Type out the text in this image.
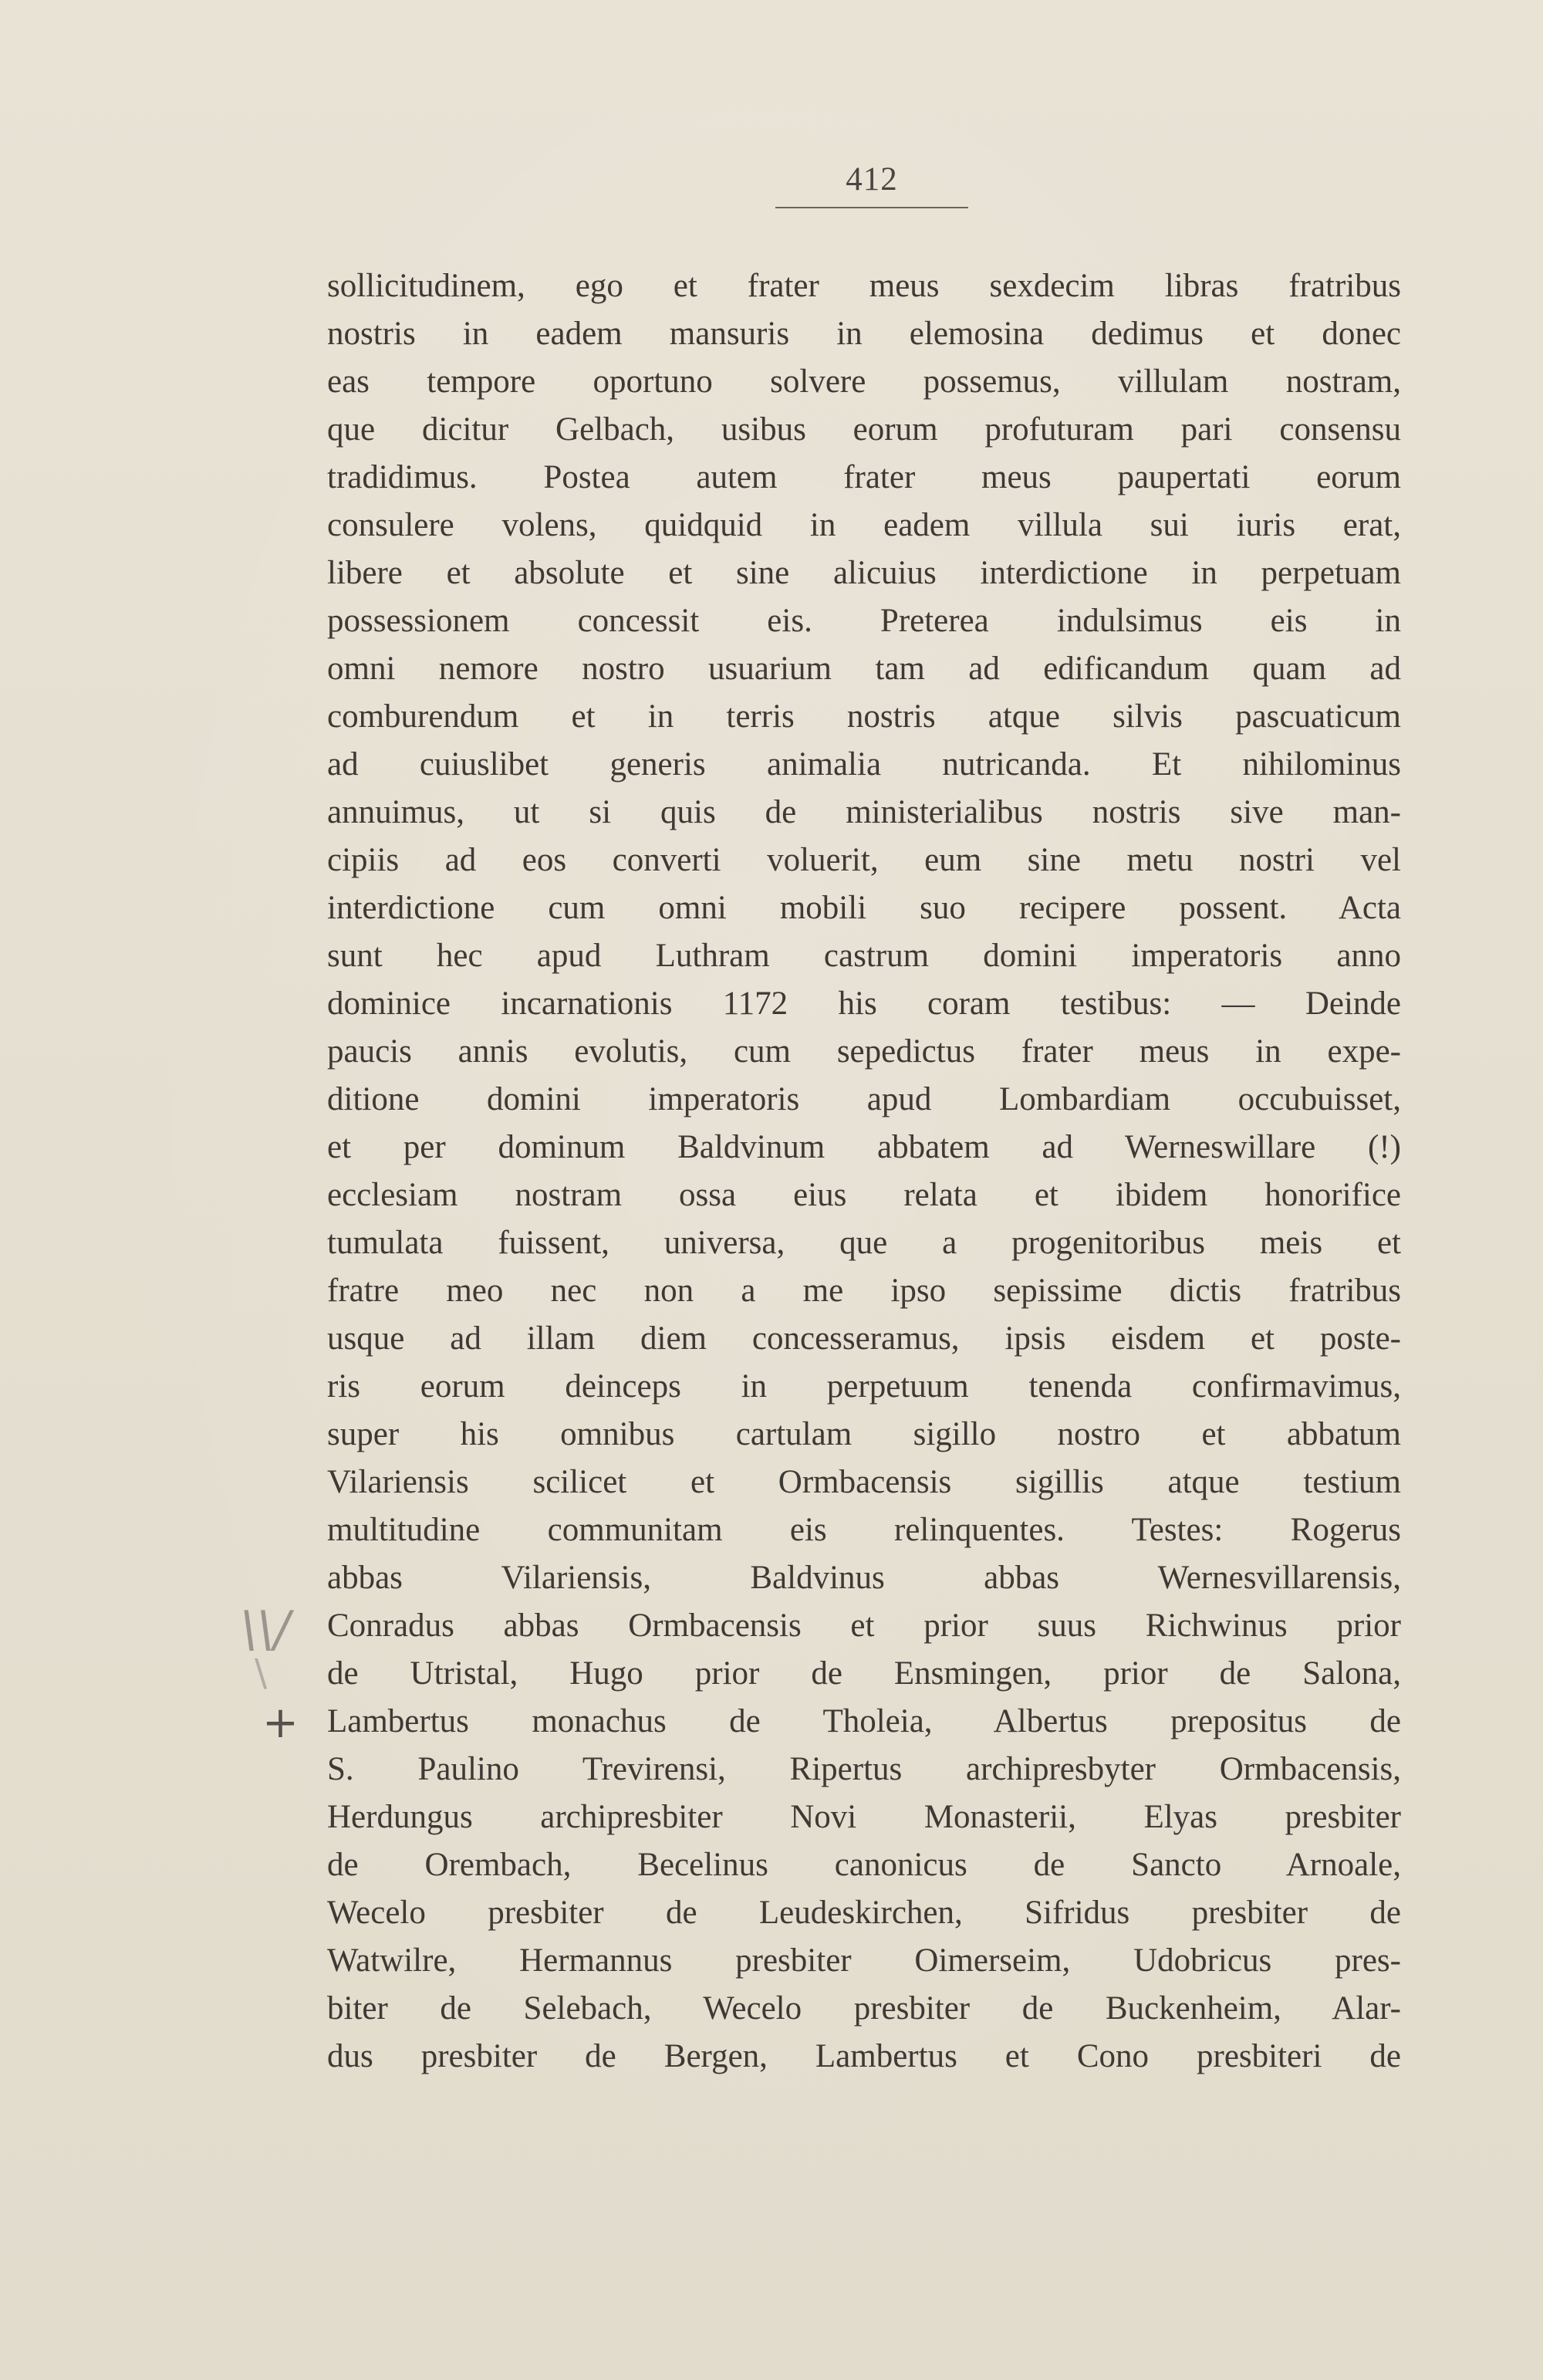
412
\\/
\
+
sollicitudinem, ego et frater meus sexdecim libras fratribus
nostris in eadem mansuris in elemosina dedimus et donec
eas tempore oportuno solvere possemus, villulam nostram,
que dicitur Gelbach, usibus eorum profuturam pari consensu
tradidimus. Postea autem frater meus paupertati eorum
consulere volens, quidquid in eadem villula sui iuris erat,
libere et absolute et sine alicuius interdictione in perpetuam
possessionem concessit eis. Preterea indulsimus eis in
omni nemore nostro usuarium tam ad edificandum quam ad
comburendum et in terris nostris atque silvis pascuaticum
ad cuiuslibet generis animalia nutricanda. Et nihilominus
annuimus, ut si quis de ministerialibus nostris sive man-
cipiis ad eos converti voluerit, eum sine metu nostri vel
interdictione cum omni mobili suo recipere possent. Acta
sunt hec apud Luthram castrum domini imperatoris anno
dominice incarnationis 1172 his coram testibus: — Deinde
paucis annis evolutis, cum sepedictus frater meus in expe-
ditione domini imperatoris apud Lombardiam occubuisset,
et per dominum Baldvinum abbatem ad Werneswillare (!)
ecclesiam nostram ossa eius relata et ibidem honorifice
tumulata fuissent, universa, que a progenitoribus meis et
fratre meo nec non a me ipso sepissime dictis fratribus
usque ad illam diem concesseramus, ipsis eisdem et poste-
ris eorum deinceps in perpetuum tenenda confirmavimus,
super his omnibus cartulam sigillo nostro et abbatum
Vilariensis scilicet et Ormbacensis sigillis atque testium
multitudine communitam eis relinquentes. Testes: Rogerus
abbas Vilariensis, Baldvinus abbas Wernesvillarensis,
Conradus abbas Ormbacensis et prior suus Richwinus prior
de Utristal, Hugo prior de Ensmingen, prior de Salona,
Lambertus monachus de Tholeia, Albertus prepositus de
S. Paulino Trevirensi, Ripertus archipresbyter Ormbacensis,
Herdungus archipresbiter Novi Monasterii, Elyas presbiter
de Orembach, Becelinus canonicus de Sancto Arnoale,
Wecelo presbiter de Leudeskirchen, Sifridus presbiter de
Watwilre, Hermannus presbiter Oimerseim, Udobricus pres-
biter de Selebach, Wecelo presbiter de Buckenheim, Alar-
dus presbiter de Bergen, Lambertus et Cono presbiteri de
